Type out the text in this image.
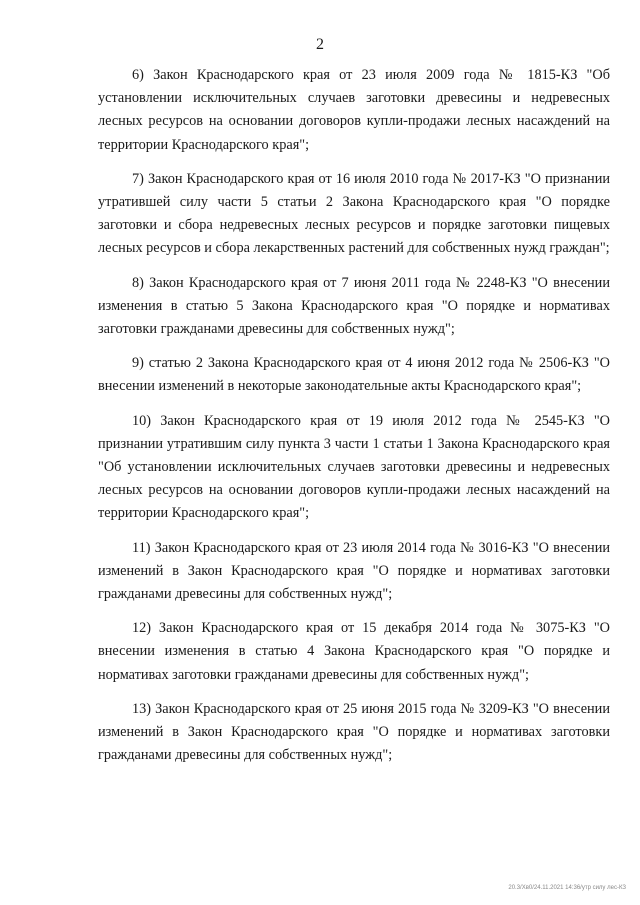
2

6) Закон Краснодарского края от 23 июля 2009 года № 1815-КЗ "Об установлении исключительных случаев заготовки древесины и недревесных лесных ресурсов на основании договоров купли-продажи лесных насаждений на территории Краснодарского края";

7) Закон Краснодарского края от 16 июля 2010 года № 2017-КЗ "О признании утратившей силу части 5 статьи 2 Закона Краснодарского края "О порядке заготовки и сбора недревесных лесных ресурсов и порядке заготовки пищевых лесных ресурсов и сбора лекарственных растений для собственных нужд граждан";

8) Закон Краснодарского края от 7 июня 2011 года № 2248-КЗ "О внесении изменения в статью 5 Закона Краснодарского края "О порядке и нормативах заготовки гражданами древесины для собственных нужд";

9) статью 2 Закона Краснодарского края от 4 июня 2012 года № 2506-КЗ "О внесении изменений в некоторые законодательные акты Краснодарского края";

10) Закон Краснодарского края от 19 июля 2012 года № 2545-КЗ "О признании утратившим силу пункта 3 части 1 статьи 1 Закона Краснодарского края "Об установлении исключительных случаев заготовки древесины и недревесных лесных ресурсов на основании договоров купли-продажи лесных насаждений на территории Краснодарского края";

11) Закон Краснодарского края от 23 июля 2014 года № 3016-КЗ "О внесении изменений в Закон Краснодарского края "О порядке и нормативах заготовки гражданами древесины для собственных нужд";

12) Закон Краснодарского края от 15 декабря 2014 года № 3075-КЗ "О внесении изменения в статью 4 Закона Краснодарского края "О порядке и нормативах заготовки гражданами древесины для собственных нужд";

13) Закон Краснодарского края от 25 июня 2015 года № 3209-КЗ "О внесении изменений в Закон Краснодарского края "О порядке и нормативах заготовки гражданами древесины для собственных нужд";

20.3/Хв0/24.11.2021 14:36/утр силу лес-КЗ
